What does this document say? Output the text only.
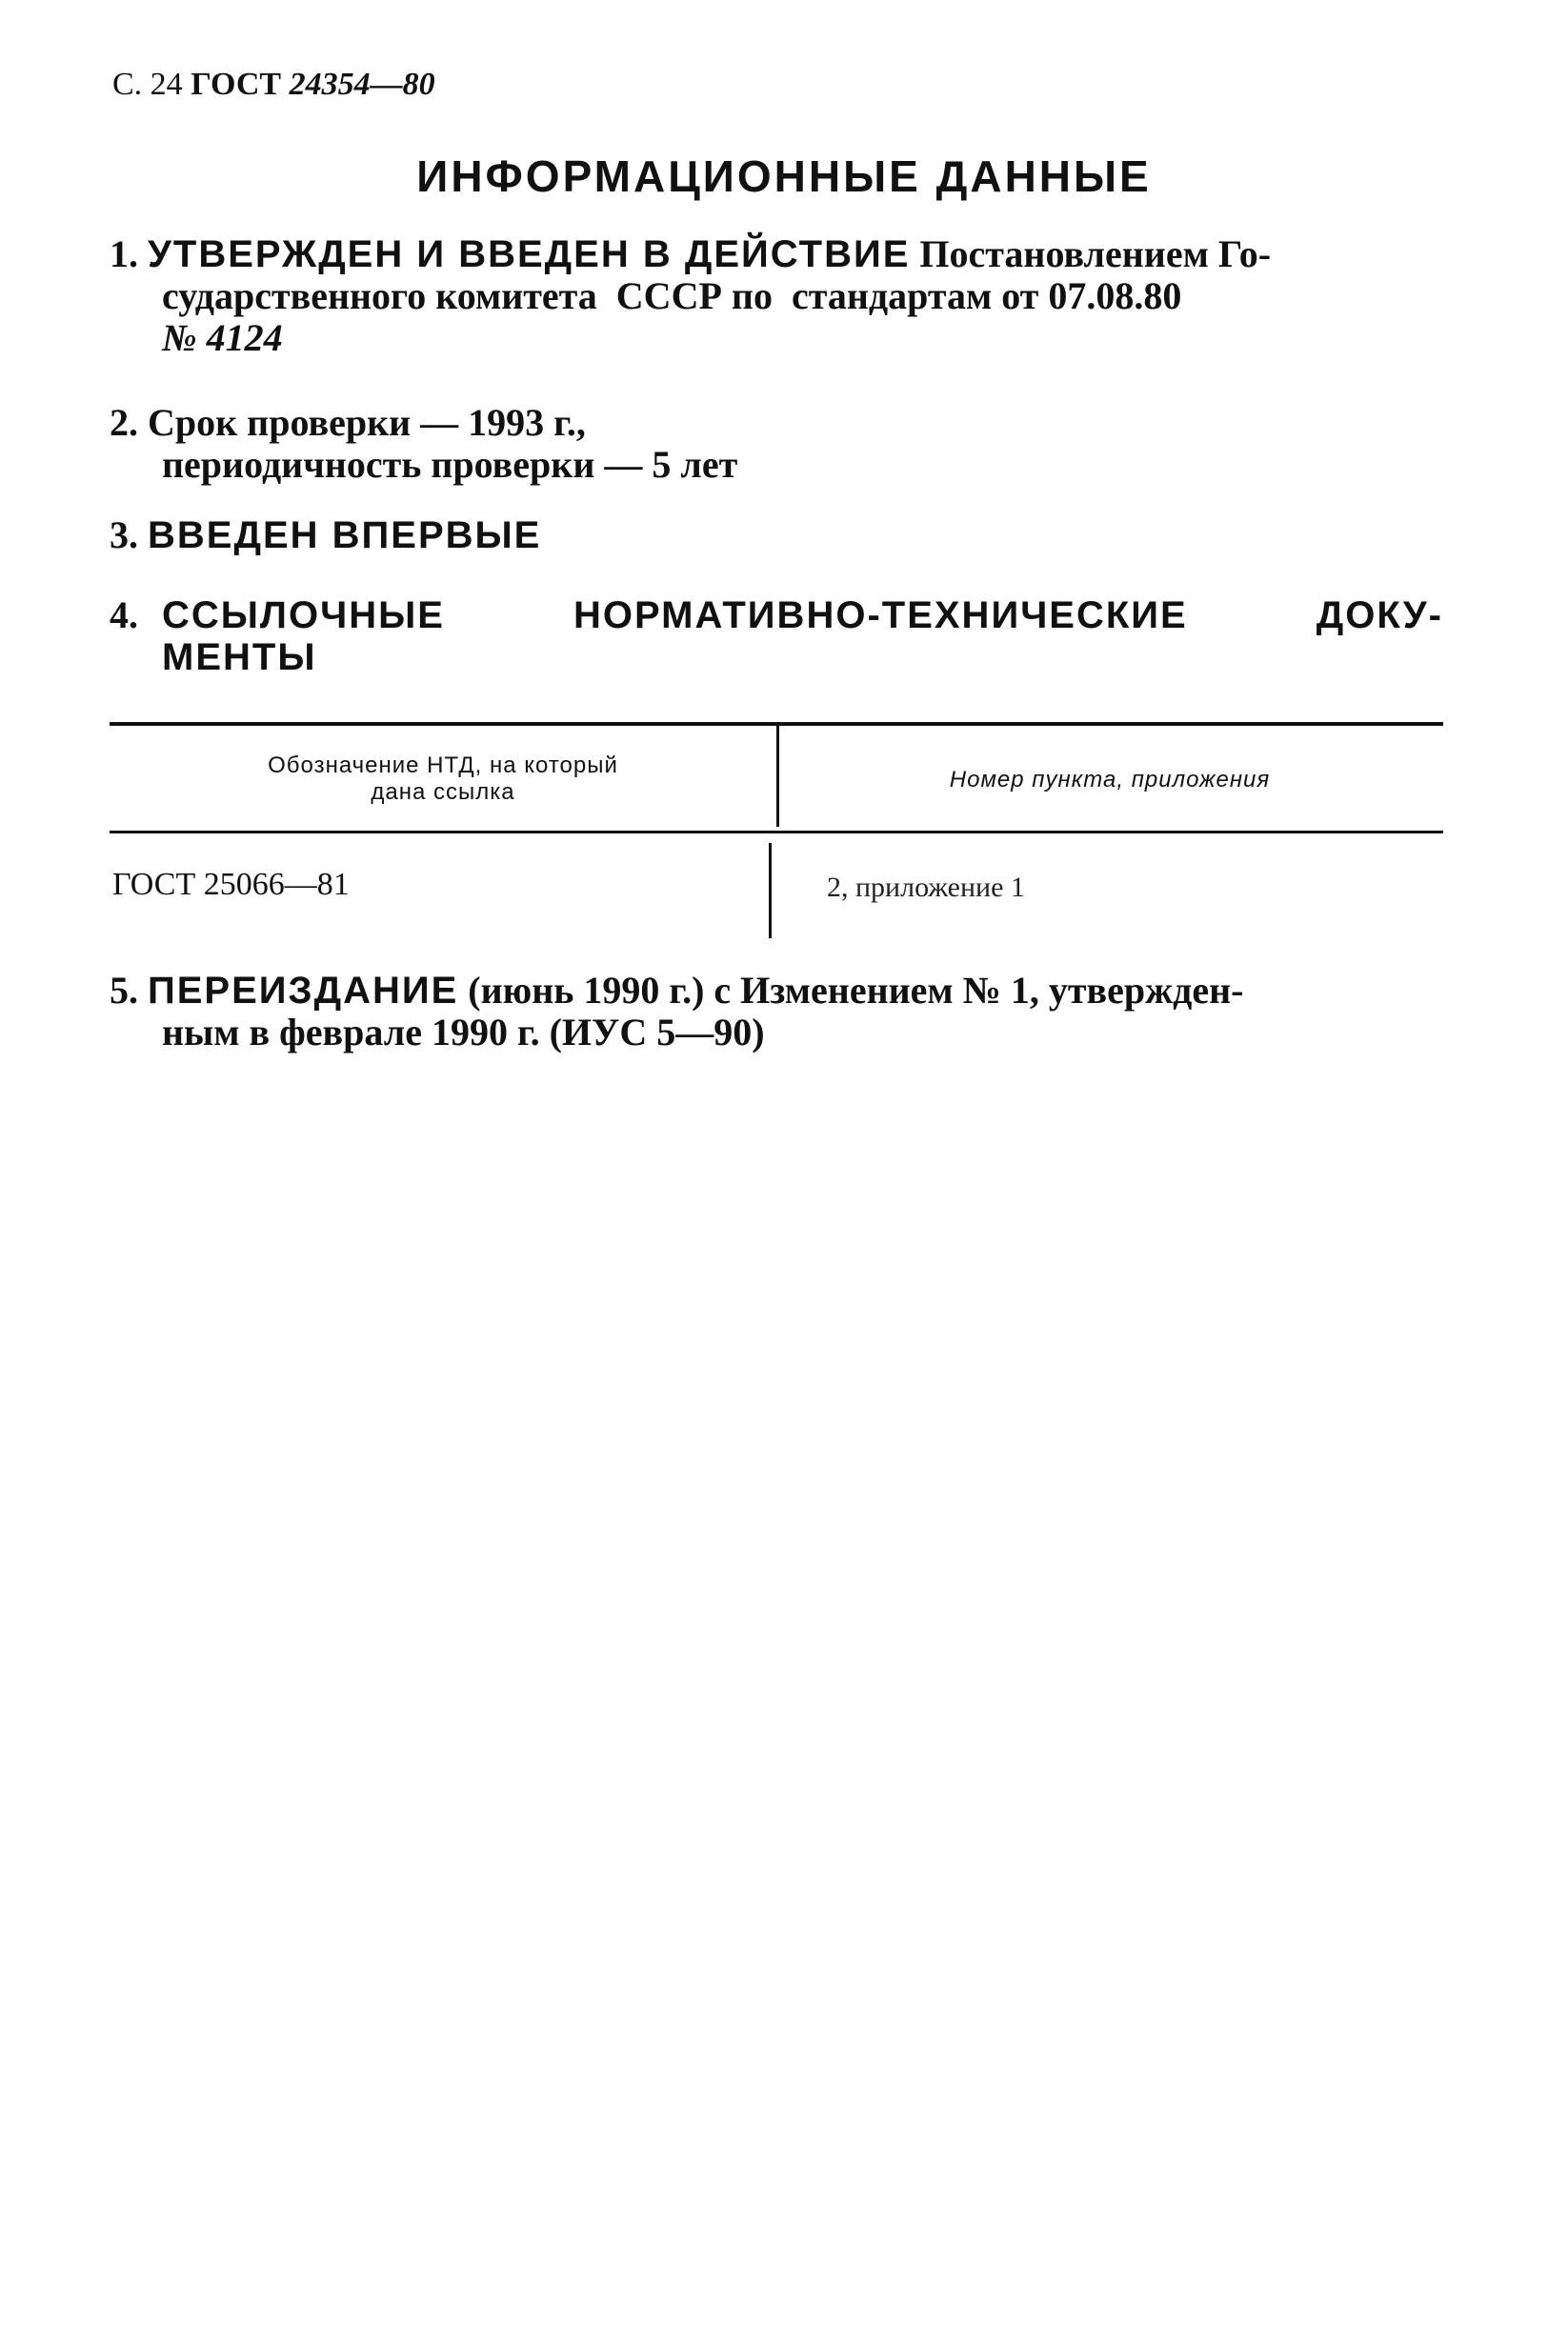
С. 24 ГОСТ 24354—80
ИНФОРМАЦИОННЫЕ ДАННЫЕ
1. УТВЕРЖДЕН И ВВЕДЕН В ДЕЙСТВИЕ Постановлением Го-
сударственного комитета  СССР по  стандартам от 07.08.80
№ 4124
2. Срок проверки — 1993 г.,
периодичность проверки — 5 лет
3. ВВЕДЕН ВПЕРВЫЕ
4. ССЫЛОЧНЫЕ НОРМАТИВНО-ТЕХНИЧЕСКИЕ ДОКУ-
МЕНТЫ
Обозначение НТД, на который
дана ссылка	Номер пункта, приложения
ГОСТ 25066—81	2, приложение 1
5. ПЕРЕИЗДАНИЕ (июнь 1990 г.) с Изменением № 1, утвержден-
ным в феврале 1990 г. (ИУС 5—90)
